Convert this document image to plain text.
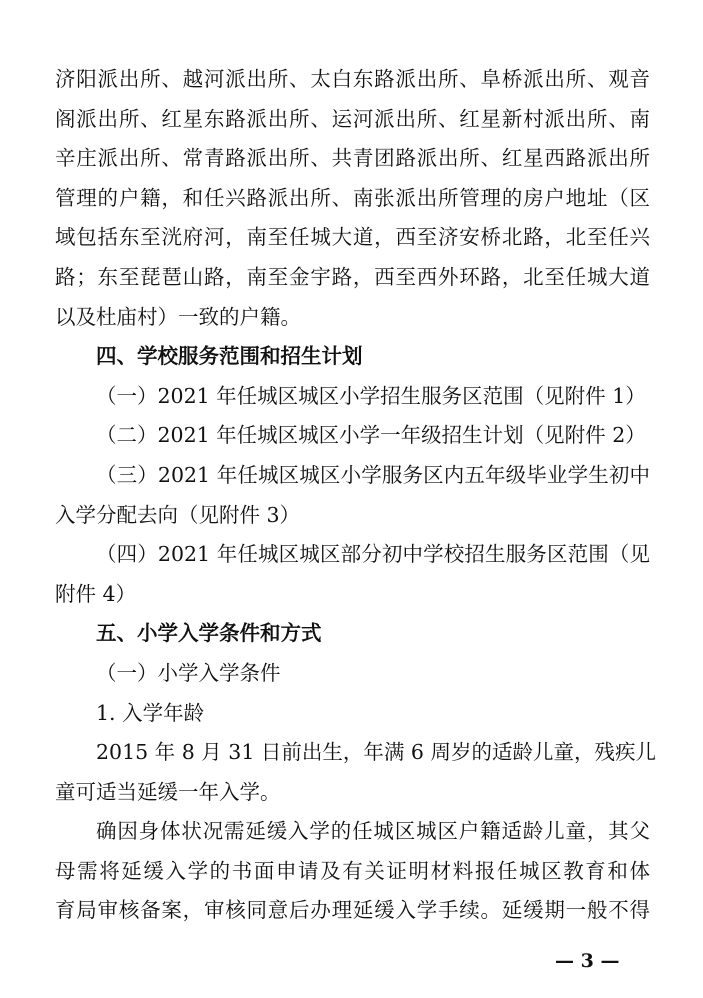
济阳派出所、越河派出所、太白东路派出所、阜桥派出所、观音
阁派出所、红星东路派出所、运河派出所、红星新村派出所、南
辛庄派出所、常青路派出所、共青团路派出所、红星西路派出所
管理的户籍，和任兴路派出所、南张派出所管理的房户地址（区
域包括东至洸府河，南至任城大道，西至济安桥北路，北至任兴
路；东至琵琶山路，南至金宇路，西至西外环路，北至任城大道
以及杜庙村）一致的户籍。
四、学校服务范围和招生计划
（一）2021 年任城区城区小学招生服务区范围（见附件 1）
（二）2021 年任城区城区小学一年级招生计划（见附件 2）
（三）2021 年任城区城区小学服务区内五年级毕业学生初中
入学分配去向（见附件 3）
（四）2021 年任城区城区部分初中学校招生服务区范围（见
附件 4）
五、小学入学条件和方式
（一）小学入学条件
1. 入学年龄
2015 年 8 月 31 日前出生，年满 6 周岁的适龄儿童，残疾儿
童可适当延缓一年入学。
确因身体状况需延缓入学的任城区城区户籍适龄儿童，其父
母需将延缓入学的书面申请及有关证明材料报任城区教育和体
育局审核备案，审核同意后办理延缓入学手续。延缓期一般不得
— 3 —
